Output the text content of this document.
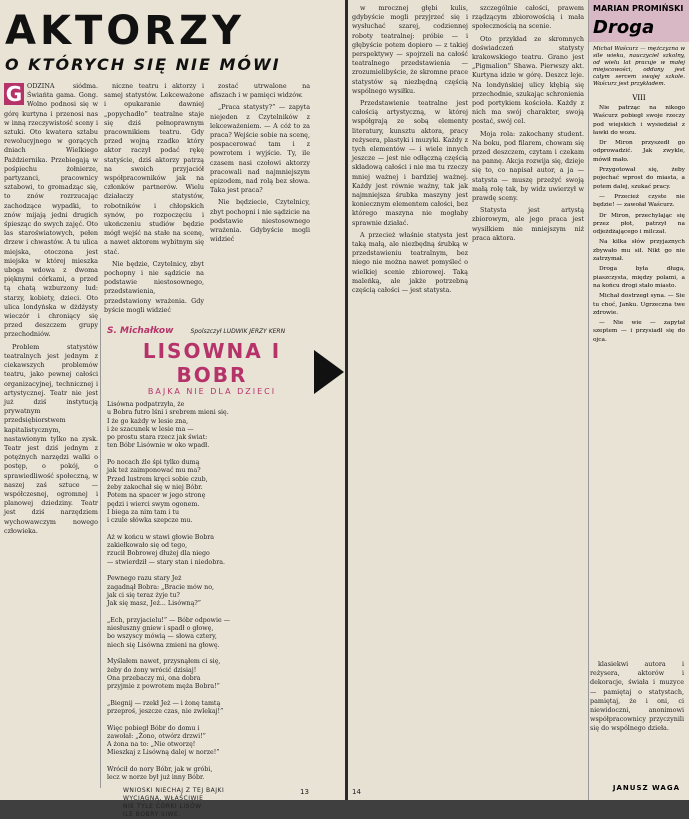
AKTORZY
O KTÓRYCH SIĘ NIE MÓWI
G ODZINA siódma. Świańta gama. Gong. Wolno podnosi się w górę kurtyna i przenosi nas w inną rzeczywistość sceny i sztuki. Oto kwatera sztabu rewolucyjnego w gorących dniach Wielkiego Października. Przebiegają w pośpiechu żołnierze, partyzanci, pracownicy sztabowi, to gromadząc się, to znów rozrzucając zachodzące wypadki, to znów mijają jedni drugich śpiesząc do swych zajęć. Oto las staroświatowych, pełen drzew i chwastów. A tu ulica miejska, otoczona jest miejska w której mieszka uboga wdowa z dwoma pięknymi córkami, a przed tą chatą wzburzony lud: starzy, kobiety, dzieci. Oto ulica londyńska w dżdżysty wieczór i chroniący się przed deszczem grupy przechodniów.

Problem statystów teatralnych jest jednym z ciekawszych problemów teatru, jako pewnej całości organizacyjnej, technicznej i artystycznej. Teatr nie jest już dziś instytucją prywatnym przedsiębiorstwem kapitalistycznym, nastawionym tylko na zysk. Teatr jest dziś jednym z potężnych narzędzi walki o postęp, o pokój, o sprawiedliwość społeczną, w naszej zaś sztuce — współczesnej, ogromnej i planowej dziedziny. Teatr jest dziś narzędziem wychowawczym nowego człowieka.

niczne teatru i aktorzy i samej statystów. Lekceważone i opukaranie dawniej „popychadło” teatralne staje się dziś pełnoprawnym pracownikiem teatru. Gdy przed wojną rzadko który aktor raczył podać rękę statyście, dziś aktorzy patrzą na swoich przyjaciół współpracowników jak na członków partnerów. Wielu działaczy statystów, robotników i chłopskich synów, po rozpoczęciu i ukończeniu studiów będzie mógł wejść na stałe na scenę, a nawet aktorem wybitnym się stać.

Nie będzie, Czytelnicy, zbyt pochopny i nie sądzicie na podstawie niestosownego, przedstawienia, przedstawiony wrażenia. Gdy byście mogli widzieć

zostać utrwalone na afiszach i w pamięci widzów.

„Praca statysty?” — zapyta niejeden z Czytelników z lekceważeniem. — A cóż to za praca? Wejście sobie na scenę, pospacerować tam i z powrotem i wyjście. Ty, ile czasem nasi czołowi aktorzy pracowali nad najmniejszym epizodem, nad rolą bez słowa. Taka jest praca?

Nie będziecie, Czytelnicy, zbyt pochopni i nie sądzicie na podstawie niestosownego wrażenia. Gdybyście mogli widzieć

S. Michałkow	Spolszczył LUDWIK JERZY KERN
LISOWNA I BOBR
BAJKA NIE DLA DZIECI
Lisówna podpatrzyła, że
u Bobra futro lśni i srebrem mieni się.
I że go każdy w lesie zna,
i że szacunek w lesie ma —
po prostu stara rzecz jak świat:
ten Bóbr Lisównie w oko wpadł.

Po nocach źle śpi tylko dumą
jak też zaimponować mu ma?
Przed lustrem kręci sobie czub,
żeby zakochał się w niej Bóbr.
Potem na spacer w jego stronę
pędzi i wierci swym ogonem.
I biega za nim tam i tu
i czule słówka szepcze mu.

Aż w końcu w stawi głowie Bobra
zakiełkowało się od tego,
rzucił Bobrowej dłużej dla niego
— stwierdził — stary stan i niedobra.

Pewnego razu stary Jeż
zagadnął Bobra: „Bracie mów no,
jak ci się teraz żyje tu?
Jak się masz, Jeż... Lisówną?”

„Ech, przyjacielu!” — Bóbr odpowie —
niesłuszny gniew i spadł o głowę,
bo wszyscy mówią — słowa cztery,
niech się Lisówna zmieni na głowę.

Myślałem nawet, przysnąłem ci się,
żeby do żony wrócić dzisiaj!
Ona przebaczy mi, ona dobra
przyjmie z powrotem męża Bobra!”

„Biegnij — rzekł Jeż — i żonę tamtą
przeproś, jeszcze czas, nie zwlekaj!”

Więc pobiegł Bóbr do domu i
zawołał: „Żono, otwórz drzwi!”
A żona na to: „Nie otworzę!
Mieszkaj z Lisówną dalej w norze!”

Wrócił do nory Bóbr, jak w gróbi,
lecz w norze był już inny Bóbr.
WNIOSKI NIECHAJ Z TEJ BAJKI
WYCIĄGNĄ, WŁAŚCIWIE
NIE TYLE CÓRKI LISÓW
ILE BOBRY SIWE.
13

w mrocznej głębi kulis, gdybyście mogli przyjrzeć się i wysłuchać szarej, codziennej roboty teatralnej: próbie — i głębyście potem dopiero — z takiej perspektywy — spojrzeli na całość teatralnego przedstawienia — zrozumielibyście, że skromne prace statystów są niezbędną częścią wspólnego wysiłku.

Przedstawienie teatralne jest całością artystyczną, w której współgrają ze sobą elementy literatury, kunsztu aktora, pracy reżysera, plastyki i muzyki. Każdy z tych elementów — i wiele innych jeszcze — jest nie odłączną częścią składową całości i nie ma tu rzeczy mniej ważnej i bardziej ważnej. Każdy jest równie ważny, tak jak najmniejsza śrubka maszyny jest koniecznym elementem całości, bez którego maszyna nie mogłaby sprawnie działać.

A przecież właśnie statysta jest taką małą, ale niezbędną śrubką w przedstawieniu teatralnym, bez niego nie można nawet pomyśleć o wielkiej scenie zbiorowej. Taką maleńką, ale jakże potrzebną częścią całości — jest statysta.

szczególnie całości, prawem rządzącym zbiorowością i mała społecznością na scenie.

Oto przykład ze skromnych doświadczeń statysty krakowskiego teatru. Grano jest „Pigmalion” Shawa. Pierwszy akt. Kurtyna idzie w górę. Deszcz leje. Na londyńskiej ulicy kłębią się przechodnie, szukając schronienia pod portykiem kościoła. Każdy z nich ma swój charakter, swoją postać, swój cel.

Moja rola: zakochany student. Na boku, pod filarem, chowam się przed deszczem, czytam i czekam na pannę. Akcja rozwija się, dzieje się to, co napisał autor, a ja — statysta — muszę przeżyć swoją małą rolę tak, by widz uwierzył w prawdę sceny.

Statysta jest artystą zbiorowym, ale jego praca jest wysiłkiem nie mniejszym niż praca aktora.

14
MARIAN PROMIŃSKI
Droga
Michał Waścurz — mężczyzna w sile wieku, nauczyciel szkolny, od wielu lat pracuje w małej miejscowości, oddany jest całym sercem swojej szkole. Waścurz jest przykładem.
VIII

Nie patrząc na nikogo Waścurz pobiegł swoje rzeczy pod wiejskich i wysiedział z ławki do wozu.

Dr Miron przyszedł go odprowadzić. Jak zwykle, mówił mało.

Przygotował się, żeby pojechać wprost do miasta, a potem dalej, szukać pracy.

— Przecież czyste nie będzie! — zawołał Waścurz.

Dr Miron, przechylając się przez płot, patrzył na odjeżdżającego i milczał.

Na kilka słów przyjaznych zbywało mu sił. Nikt go nie zatrzymał.

Droga była długa, piaszczysta, między polami, a na końcu drogi stało miasto.

Michał dostrzegł syna. — Sie tu choć, Janku. Ugrzeczna twe zdrowie.

— Nie wie — zapytał szeptem — i przysiadł się do ojca.

klasiekwi autora i reżysera, aktorów i dekoracje, świała i muzyce — pamiętaj o statystach, pamiętaj, że i oni, ci niewidoczni, anonimowi współpracownicy przyczynili się do wspólnego dzieła.

JANUSZ WAGA
